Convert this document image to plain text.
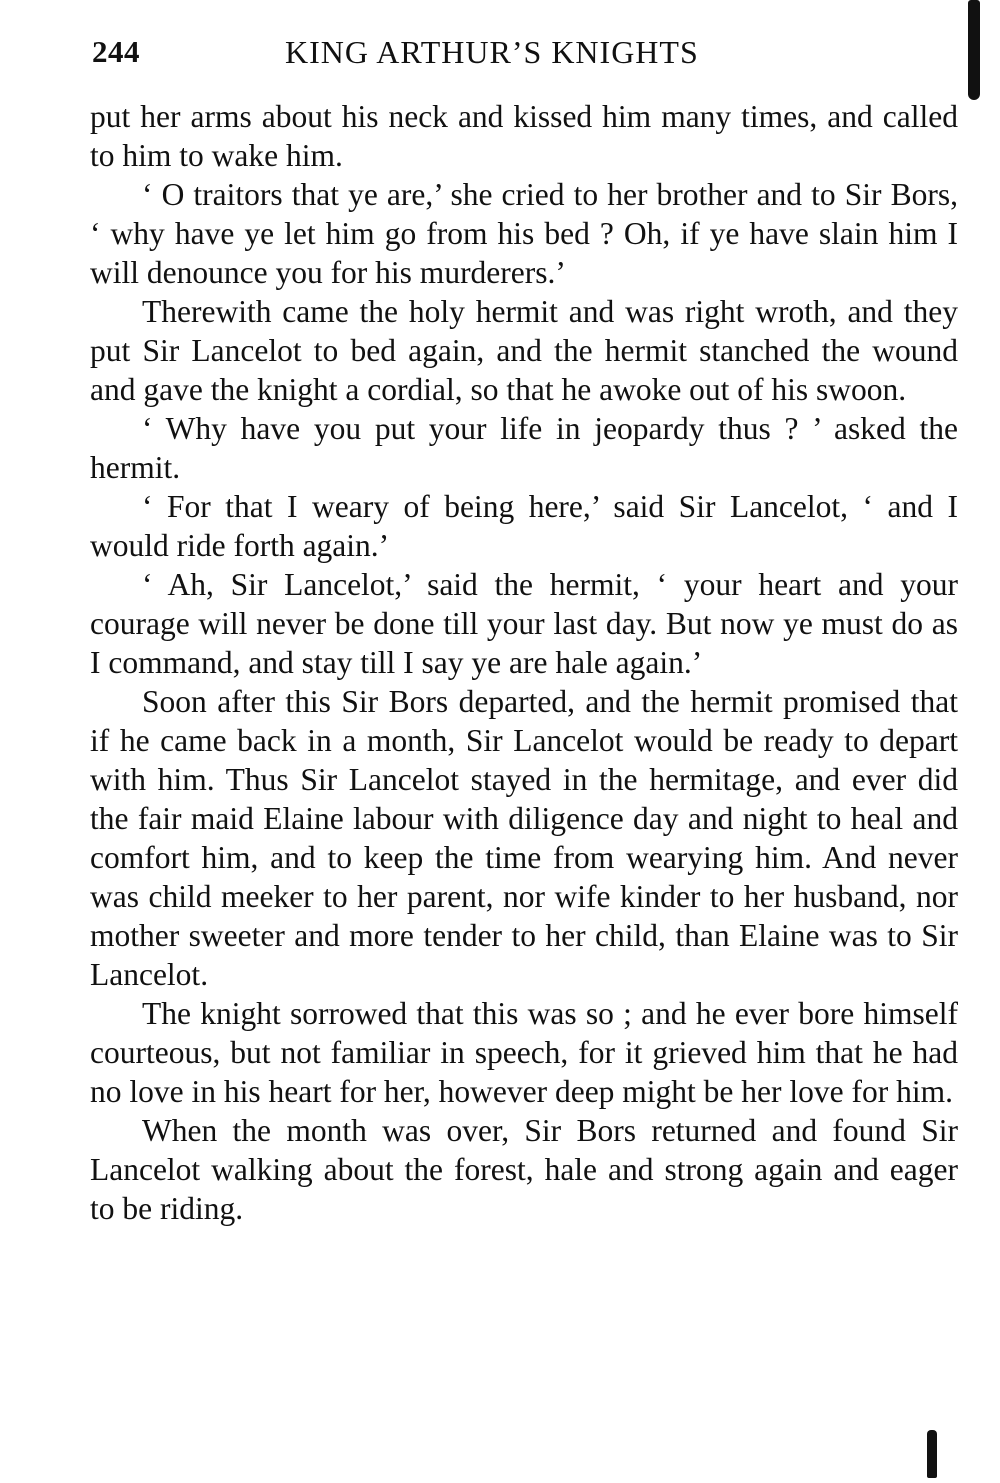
244	KING ARTHUR’S KNIGHTS

put her arms about his neck and kissed him many times, and called to him to wake him.

‘ O traitors that ye are,’ she cried to her brother and to Sir Bors, ‘ why have ye let him go from his bed ? Oh, if ye have slain him I will denounce you for his murderers.’

Therewith came the holy hermit and was right wroth, and they put Sir Lancelot to bed again, and the hermit stanched the wound and gave the knight a cordial, so that he awoke out of his swoon.

‘ Why have you put your life in jeopardy thus ? ’ asked the hermit.

‘ For that I weary of being here,’ said Sir Lancelot, ‘ and I would ride forth again.’

‘ Ah, Sir Lancelot,’ said the hermit, ‘ your heart and your courage will never be done till your last day. But now ye must do as I command, and stay till I say ye are hale again.’

Soon after this Sir Bors departed, and the hermit promised that if he came back in a month, Sir Lancelot would be ready to depart with him. Thus Sir Lancelot stayed in the hermitage, and ever did the fair maid Elaine labour with diligence day and night to heal and comfort him, and to keep the time from wearying him. And never was child meeker to her parent, nor wife kinder to her husband, nor mother sweeter and more tender to her child, than Elaine was to Sir Lancelot.

The knight sorrowed that this was so ; and he ever bore himself courteous, but not familiar in speech, for it grieved him that he had no love in his heart for her, however deep might be her love for him.

When the month was over, Sir Bors returned and found Sir Lancelot walking about the forest, hale and strong again and eager to be riding.
